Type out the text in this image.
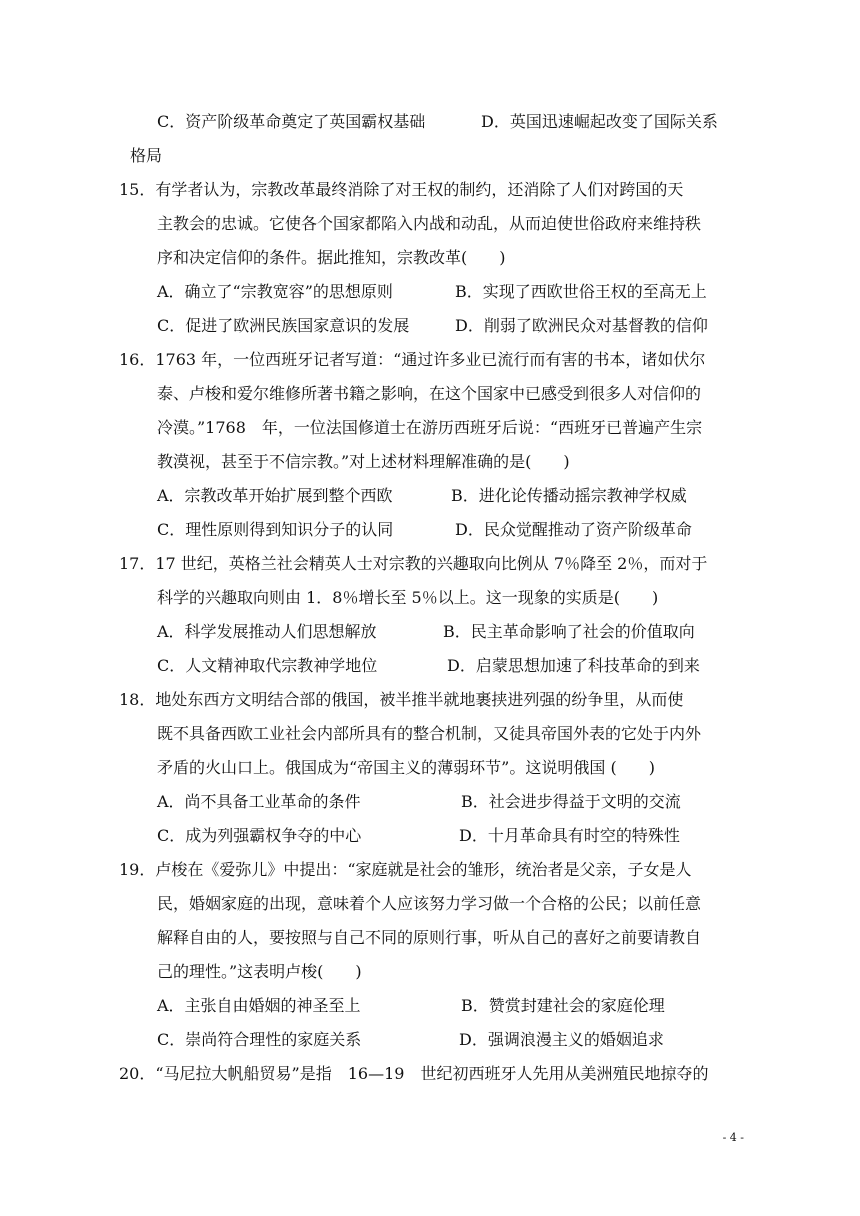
C．资产阶级革命奠定了英国霸权基础	D．英国迅速崛起改变了国际关系
格局
15．有学者认为，宗教改革最终消除了对王权的制约，还消除了人们对跨国的天
主教会的忠诚。它使各个国家都陷入内战和动乱，从而迫使世俗政府来维持秩
序和决定信仰的条件。据此推知，宗教改革(　　)
A．确立了“宗教宽容”的思想原则	B．实现了西欧世俗王权的至高无上
C．促进了欧洲民族国家意识的发展	D．削弱了欧洲民众对基督教的信仰
16．1763 年，一位西班牙记者写道：“通过许多业已流行而有害的书本，诸如伏尔
泰、卢梭和爱尔维修所著书籍之影响，在这个国家中已感受到很多人对信仰的
冷漠。”1768　年，一位法国修道士在游历西班牙后说：“西班牙已普遍产生宗
教漠视，甚至于不信宗教。”对上述材料理解准确的是(　　)
A．宗教改革开始扩展到整个西欧	B．进化论传播动摇宗教神学权威
C．理性原则得到知识分子的认同	D．民众觉醒推动了资产阶级革命
17．17 世纪，英格兰社会精英人士对宗教的兴趣取向比例从 7％降至 2％，而对于
科学的兴趣取向则由 1．8％增长至 5％以上。这一现象的实质是(　　)
A．科学发展推动人们思想解放	B．民主革命影响了社会的价值取向
C．人文精神取代宗教神学地位	D．启蒙思想加速了科技革命的到来
18．地处东西方文明结合部的俄国，被半推半就地裹挟进列强的纷争里，从而使
既不具备西欧工业社会内部所具有的整合机制，又徒具帝国外表的它处于内外
矛盾的火山口上。俄国成为“帝国主义的薄弱环节”。这说明俄国 (　　)
A．尚不具备工业革命的条件	B．社会进步得益于文明的交流
C．成为列强霸权争夺的中心	D．十月革命具有时空的特殊性
19．卢梭在《爱弥儿》中提出：“家庭就是社会的雏形，统治者是父亲，子女是人
民，婚姻家庭的出现，意味着个人应该努力学习做一个合格的公民；以前任意
解释自由的人，要按照与自己不同的原则行事，听从自己的喜好之前要请教自
己的理性。”这表明卢梭(　　)
A．主张自由婚姻的神圣至上	B．赞赏封建社会的家庭伦理
C．崇尚符合理性的家庭关系	D．强调浪漫主义的婚姻追求
20．“马尼拉大帆船贸易”是指　16—19　世纪初西班牙人先用从美洲殖民地掠夺的
- 4 -
